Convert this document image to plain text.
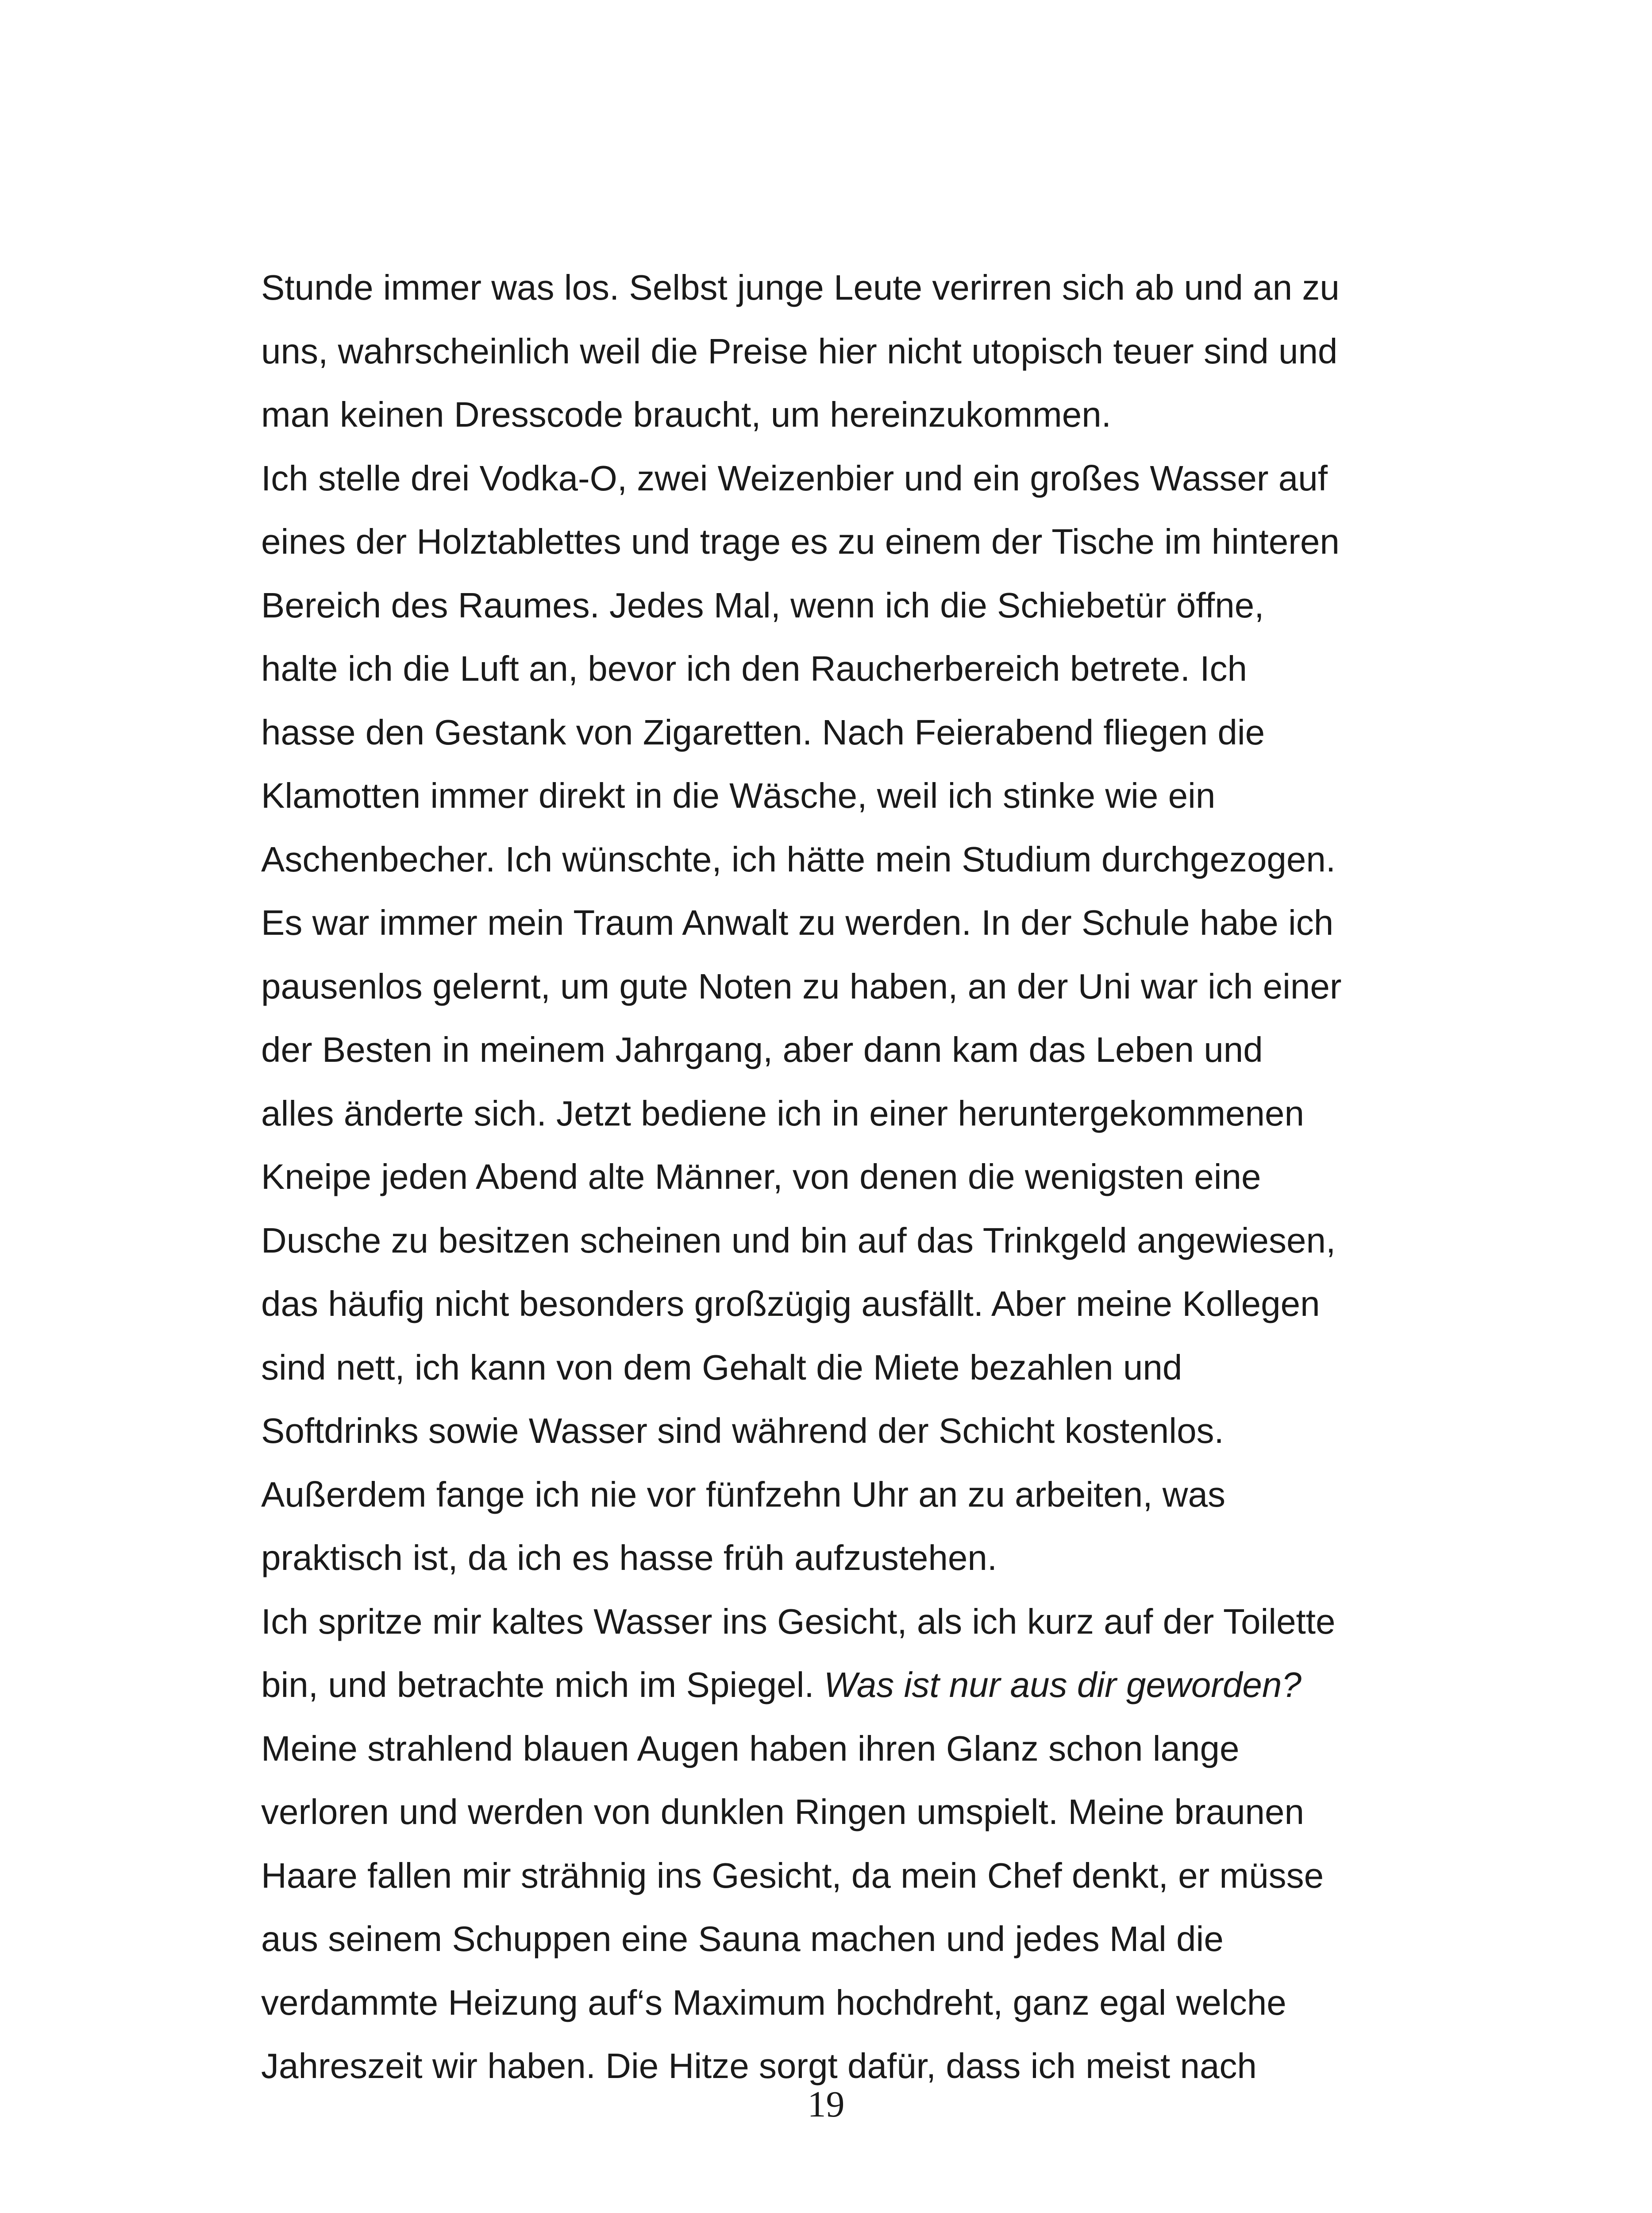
Stunde immer was los. Selbst junge Leute verirren sich ab und an zu
uns, wahrscheinlich weil die Preise hier nicht utopisch teuer sind und
man keinen Dresscode braucht, um hereinzukommen.
Ich stelle drei Vodka-O, zwei Weizenbier und ein großes Wasser auf
eines der Holztablettes und trage es zu einem der Tische im hinteren
Bereich des Raumes. Jedes Mal, wenn ich die Schiebetür öffne,
halte ich die Luft an, bevor ich den Raucherbereich betrete. Ich
hasse den Gestank von Zigaretten. Nach Feierabend fliegen die
Klamotten immer direkt in die Wäsche, weil ich stinke wie ein
Aschenbecher. Ich wünschte, ich hätte mein Studium durchgezogen.
Es war immer mein Traum Anwalt zu werden. In der Schule habe ich
pausenlos gelernt, um gute Noten zu haben, an der Uni war ich einer
der Besten in meinem Jahrgang, aber dann kam das Leben und
alles änderte sich. Jetzt bediene ich in einer heruntergekommenen
Kneipe jeden Abend alte Männer, von denen die wenigsten eine
Dusche zu besitzen scheinen und bin auf das Trinkgeld angewiesen,
das häufig nicht besonders großzügig ausfällt. Aber meine Kollegen
sind nett, ich kann von dem Gehalt die Miete bezahlen und
Softdrinks sowie Wasser sind während der Schicht kostenlos.
Außerdem fange ich nie vor fünfzehn Uhr an zu arbeiten, was
praktisch ist, da ich es hasse früh aufzustehen.
Ich spritze mir kaltes Wasser ins Gesicht, als ich kurz auf der Toilette
bin, und betrachte mich im Spiegel. Was ist nur aus dir geworden?
Meine strahlend blauen Augen haben ihren Glanz schon lange
verloren und werden von dunklen Ringen umspielt. Meine braunen
Haare fallen mir strähnig ins Gesicht, da mein Chef denkt, er müsse
aus seinem Schuppen eine Sauna machen und jedes Mal die
verdammte Heizung auf‘s Maximum hochdreht, ganz egal welche
Jahreszeit wir haben. Die Hitze sorgt dafür, dass ich meist nach
19
